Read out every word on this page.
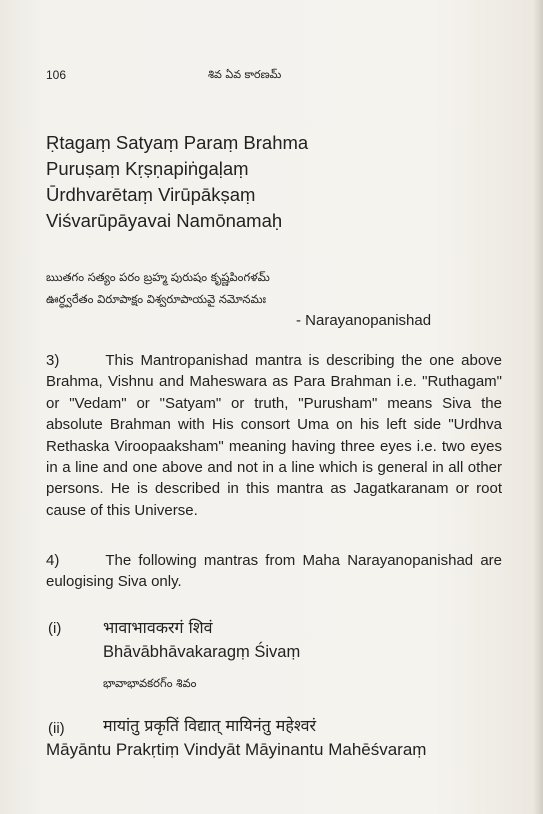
106	శివ ఏవ కారణమ్
Ṛtagaṃ Satyaṃ Paraṃ Brahma
Puruṣaṃ Kṛṣṇapiṅgaḷaṃ
Ūrdhvarētaṃ Virūpākṣaṃ
Viśvarūpāyavai Namōnamaḥ
ఋతగం సత్యం పరం బ్రహ్మ పురుషం కృష్ణపింగళమ్
ఊర్ధ్వరేతం విరూపాక్షం విశ్వరూపాయవై నమోనమః
- Narayanopanishad
3)	This Mantropanishad mantra is describing the one above Brahma, Vishnu and Maheswara as Para Brahman i.e. "Ruthagam" or "Vedam" or "Satyam" or truth, "Purusham" means Siva the absolute Brahman with His consort Uma on his left side "Urdhva Rethaska Viroopaaksham" meaning having three eyes i.e. two eyes in a line and one above and not in a line which is general in all other persons. He is described in this mantra as Jagatkaranam or root cause of this Universe.
4)	The following mantras from Maha Narayanopanishad are eulogising Siva only.
(i)	भावाभावकरगं शिवं
Bhāvābhāvakaragṃ Śivaṃ
భావాభావకరగ్ం శివం
(ii) मायांतु प्रकृतिं विद्यात् मायिनंतु महेश्वरं
Māyāntu Prakṛtiṃ Vindyāt Māyinantu Mahēśvaraṃ
